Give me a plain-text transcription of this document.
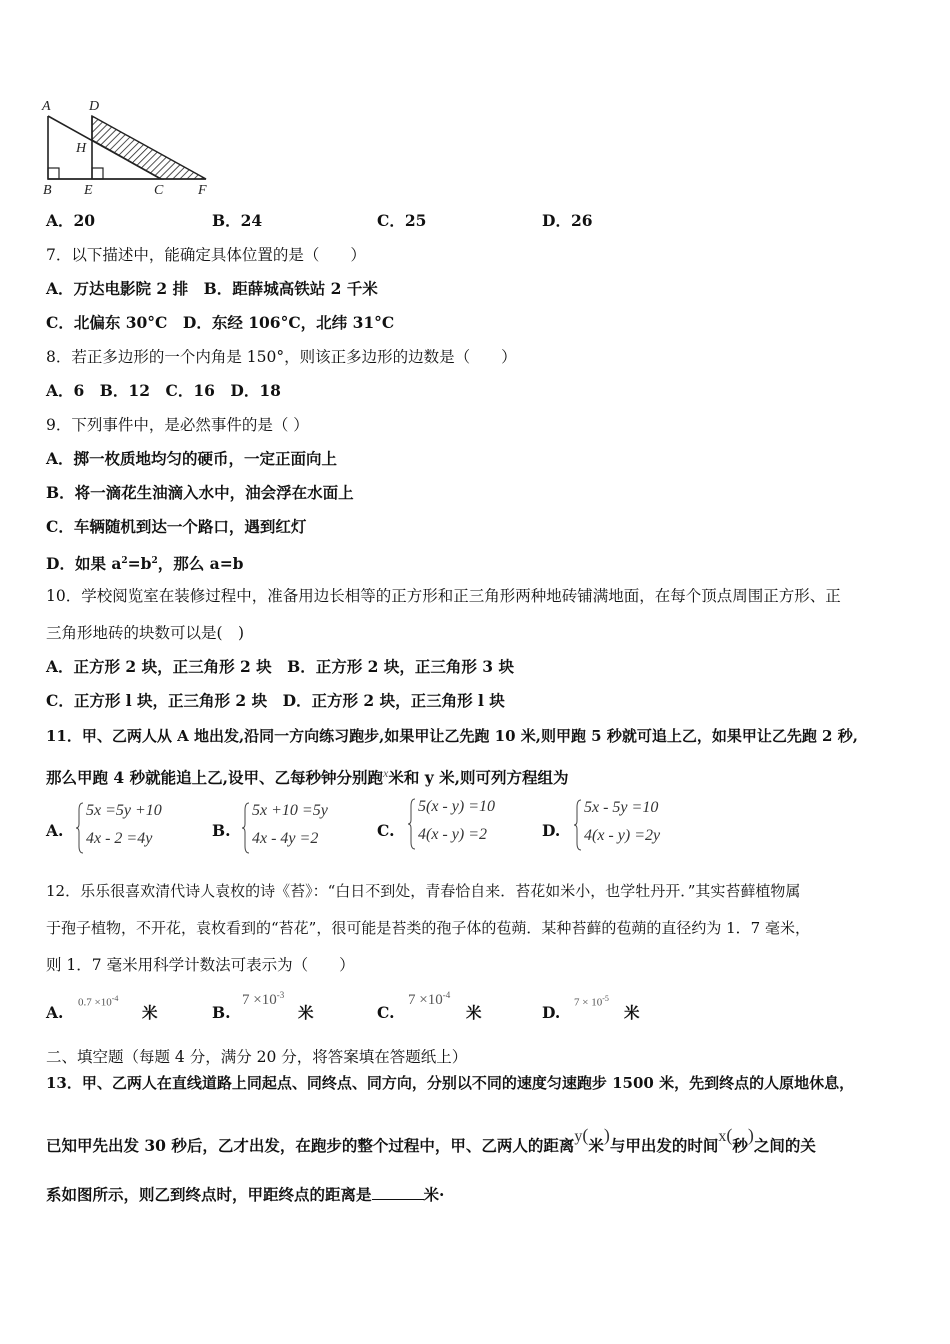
A	D
H
B E	C F
A．20	B．24	C．25	D．26
7．以下描述中，能确定具体位置的是（　　）
A．万达电影院 2 排　B．距薛城高铁站 2 千米
C．北偏东 30°C　D．东经 106°C，北纬 31°C
8．若正多边形的一个内角是 150°，则该正多边形的边数是（　　）
A．6　B．12　C．16　D．18
9．下列事件中，是必然事件的是（ ）
A．掷一枚质地均匀的硬币，一定正面向上
B．将一滴花生油滴入水中，油会浮在水面上
C．车辆随机到达一个路口，遇到红灯
D．如果 $a^2=b^2$，那么 a=b
10．学校阅览室在装修过程中，准备用边长相等的正方形和正三角形两种地砖铺满地面，在每个顶点周围正方形、正
三角形地砖的块数可以是(　)
A．正方形 2 块，正三角形 2 块　B．正方形 2 块，正三角形 3 块
C．正方形 l 块，正三角形 2 块　D．正方形 2 块，正三角形 l 块
11．甲、乙两人从 A 地出发,沿同一方向练习跑步,如果甲让乙先跑 10 米,则甲跑 5 秒就可追上乙，如果甲让乙先跑 2 秒,
那么甲跑 4 秒就能追上乙,设甲、乙每秒钟分别跑$^x$米和 y 米,则可列方程组为
A.
5x =5y +10
4x - 2 =4y	B.
5x +10 =5y
4x - 4y =2	C.
5(x - y) =10
4(x - y) =2	D.
5x - 5y =10
4(x - y) =2y
12．乐乐很喜欢清代诗人袁枚的诗《苔》：“白日不到处，青春恰自来．苔花如米小，也学牡丹开．”其实苔藓植物属
于孢子植物，不开花，袁枚看到的“苔花”，很可能是苔类的孢子体的苞蒴．某种苔藓的苞蒴的直径约为 1．7 毫米，
则 1．7 毫米用科学计数法可表示为（　　）
A.
$0.7 \times 10^{-4}$
米	B.
$7 \times 10^{-3}$
米	C.
$7 \times 10^{-4}$
米	D.
$7 \times 10^{-5}$
米
二、填空题（每题 4 分，满分 20 分，将答案填在答题纸上）
13．甲、乙两人在直线道路上同起点、同终点、同方向，分别以不同的速度匀速跑步 1500 米，先到终点的人原地休息，
已知甲先出发 30 秒后，乙才出发，在跑步的整个过程中，甲、乙两人的距离y(米)与甲出发的时间x(秒)之间的关
系如图所示，则乙到终点时，甲距终点的距离是	米·
